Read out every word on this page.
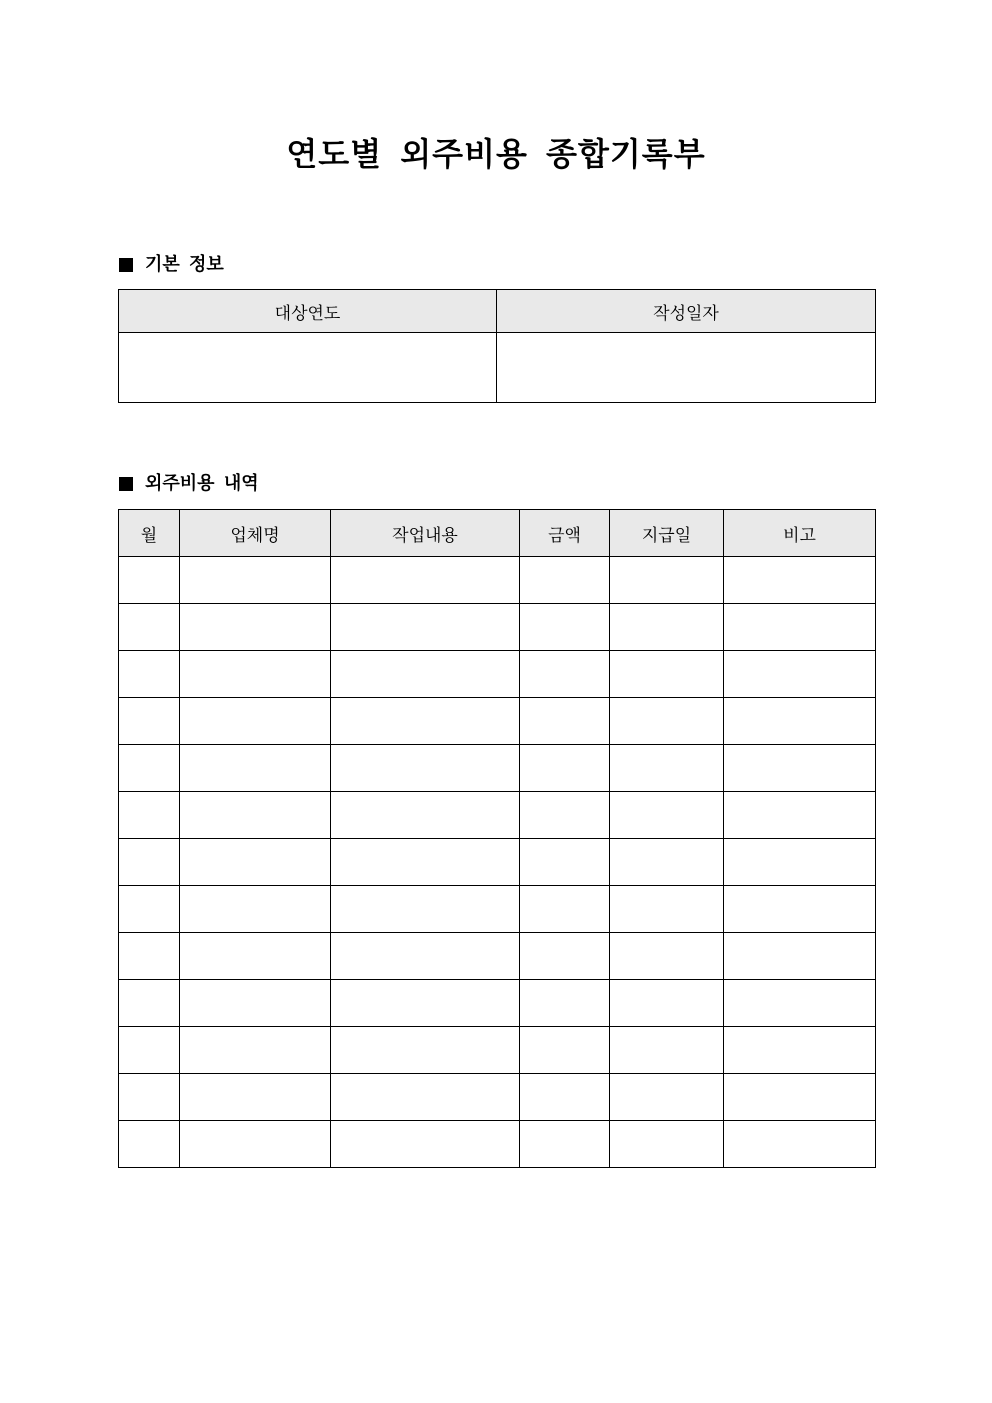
연도별 외주비용 종합기록부
기본 정보
대상연도	작성일자

외주비용 내역
월	업체명	작업내용	금액	지급일	비고
